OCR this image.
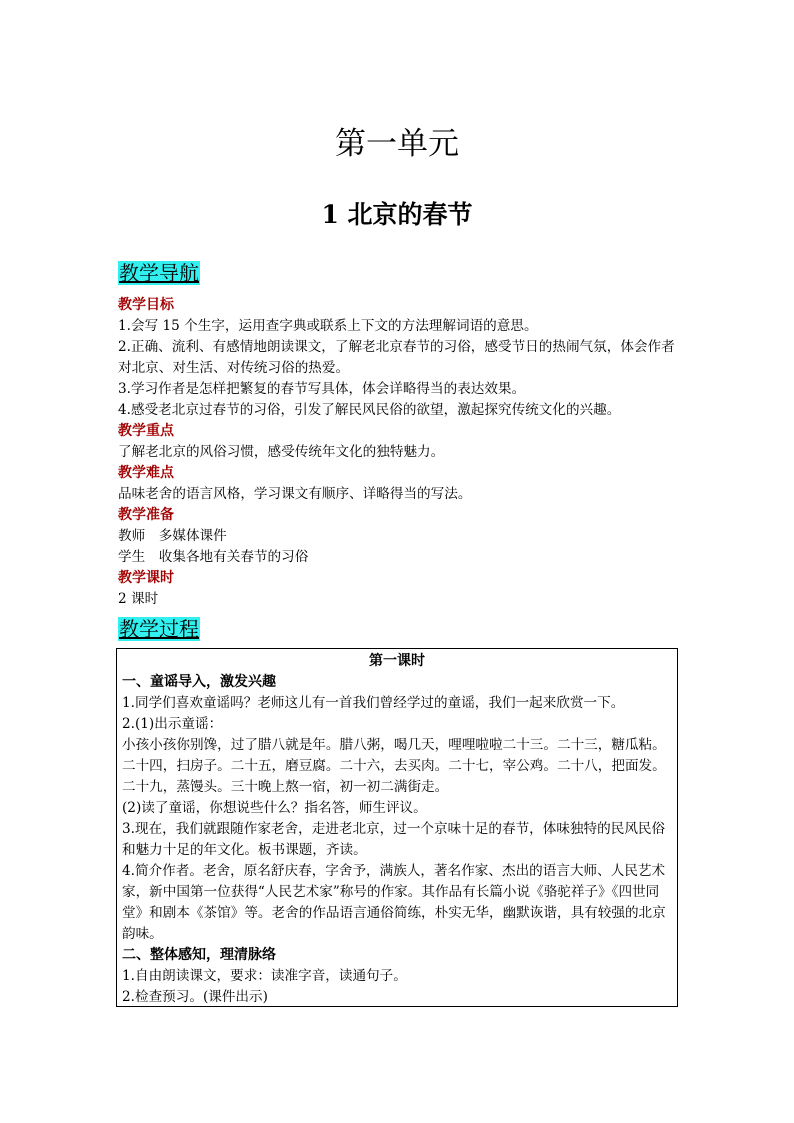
第一单元
1 北京的春节
教学导航
教学目标
1.会写 15 个生字，运用查字典或联系上下文的方法理解词语的意思。
2.正确、流利、有感情地朗读课文，了解老北京春节的习俗，感受节日的热闹气氛，体会作者对北京、对生活、对传统习俗的热爱。
3.学习作者是怎样把繁复的春节写具体，体会详略得当的表达效果。
4.感受老北京过春节的习俗，引发了解民风民俗的欲望，激起探究传统文化的兴趣。
教学重点
了解老北京的风俗习惯，感受传统年文化的独特魅力。
教学难点
品味老舍的语言风格，学习课文有顺序、详略得当的写法。
教学准备
教师　多媒体课件
学生　收集各地有关春节的习俗
教学课时
2 课时
教学过程
第一课时
一、童谣导入，激发兴趣
1.同学们喜欢童谣吗？老师这儿有一首我们曾经学过的童谣，我们一起来欣赏一下。
2.(1)出示童谣：
小孩小孩你别馋，过了腊八就是年。腊八粥，喝几天，哩哩啦啦二十三。二十三，糖瓜粘。二十四，扫房子。二十五，磨豆腐。二十六，去买肉。二十七，宰公鸡。二十八，把面发。二十九，蒸馒头。三十晚上熬一宿，初一初二满街走。
(2)读了童谣，你想说些什么？指名答，师生评议。
3.现在，我们就跟随作家老舍，走进老北京，过一个京味十足的春节，体味独特的民风民俗和魅力十足的年文化。板书课题，齐读。
4.简介作者。老舍，原名舒庆春，字舍予，满族人，著名作家、杰出的语言大师、人民艺术家，新中国第一位获得“人民艺术家”称号的作家。其作品有长篇小说《骆驼祥子》《四世同堂》和剧本《茶馆》等。老舍的作品语言通俗简练，朴实无华，幽默诙谐，具有较强的北京韵味。
二、整体感知，理清脉络
1.自由朗读课文，要求：读准字音，读通句子。
2.检查预习。(课件出示)
